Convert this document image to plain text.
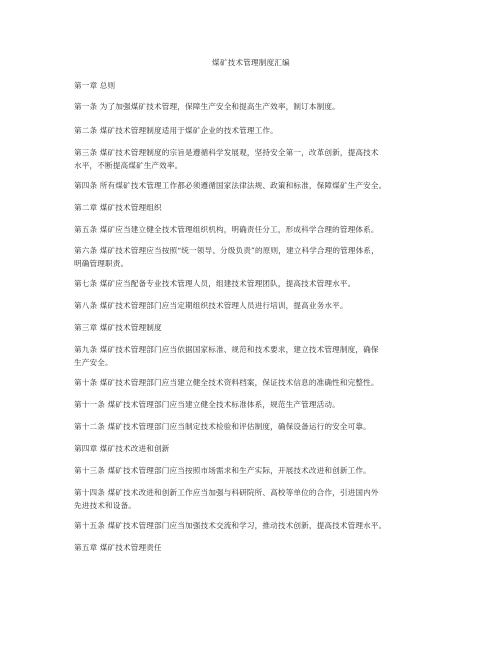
煤矿技术管理制度汇编
第一章 总则
第一条 为了加强煤矿技术管理，保障生产安全和提高生产效率，制订本制度。
第二条 煤矿技术管理制度适用于煤矿企业的技术管理工作。
第三条 煤矿技术管理制度的宗旨是遵循科学发展观，坚持安全第一，改革创新，提高技术
水平，不断提高煤矿生产效率。
第四条 所有煤矿技术管理工作都必须遵循国家法律法规、政策和标准，保障煤矿生产安全。
第二章 煤矿技术管理组织
第五条 煤矿应当建立健全技术管理组织机构，明确责任分工，形成科学合理的管理体系。
第六条 煤矿技术管理应当按照“统一领导、分级负责”的原则，建立科学合理的管理体系，
明确管理职责。
第七条 煤矿应当配备专业技术管理人员，组建技术管理团队，提高技术管理水平。
第八条 煤矿技术管理部门应当定期组织技术管理人员进行培训，提高业务水平。
第三章 煤矿技术管理制度
第九条 煤矿技术管理部门应当依据国家标准、规范和技术要求，建立技术管理制度，确保
生产安全。
第十条 煤矿技术管理部门应当建立健全技术资料档案，保证技术信息的准确性和完整性。
第十一条 煤矿技术管理部门应当建立健全技术标准体系，规范生产管理活动。
第十二条 煤矿技术管理部门应当制定技术检验和评估制度，确保设备运行的安全可靠。
第四章 煤矿技术改进和创新
第十三条 煤矿技术管理部门应当按照市场需求和生产实际，开展技术改进和创新工作。
第十四条 煤矿技术改进和创新工作应当加强与科研院所、高校等单位的合作，引进国内外
先进技术和设备。
第十五条 煤矿技术管理部门应当加强技术交流和学习，推动技术创新，提高技术管理水平。
第五章 煤矿技术管理责任
